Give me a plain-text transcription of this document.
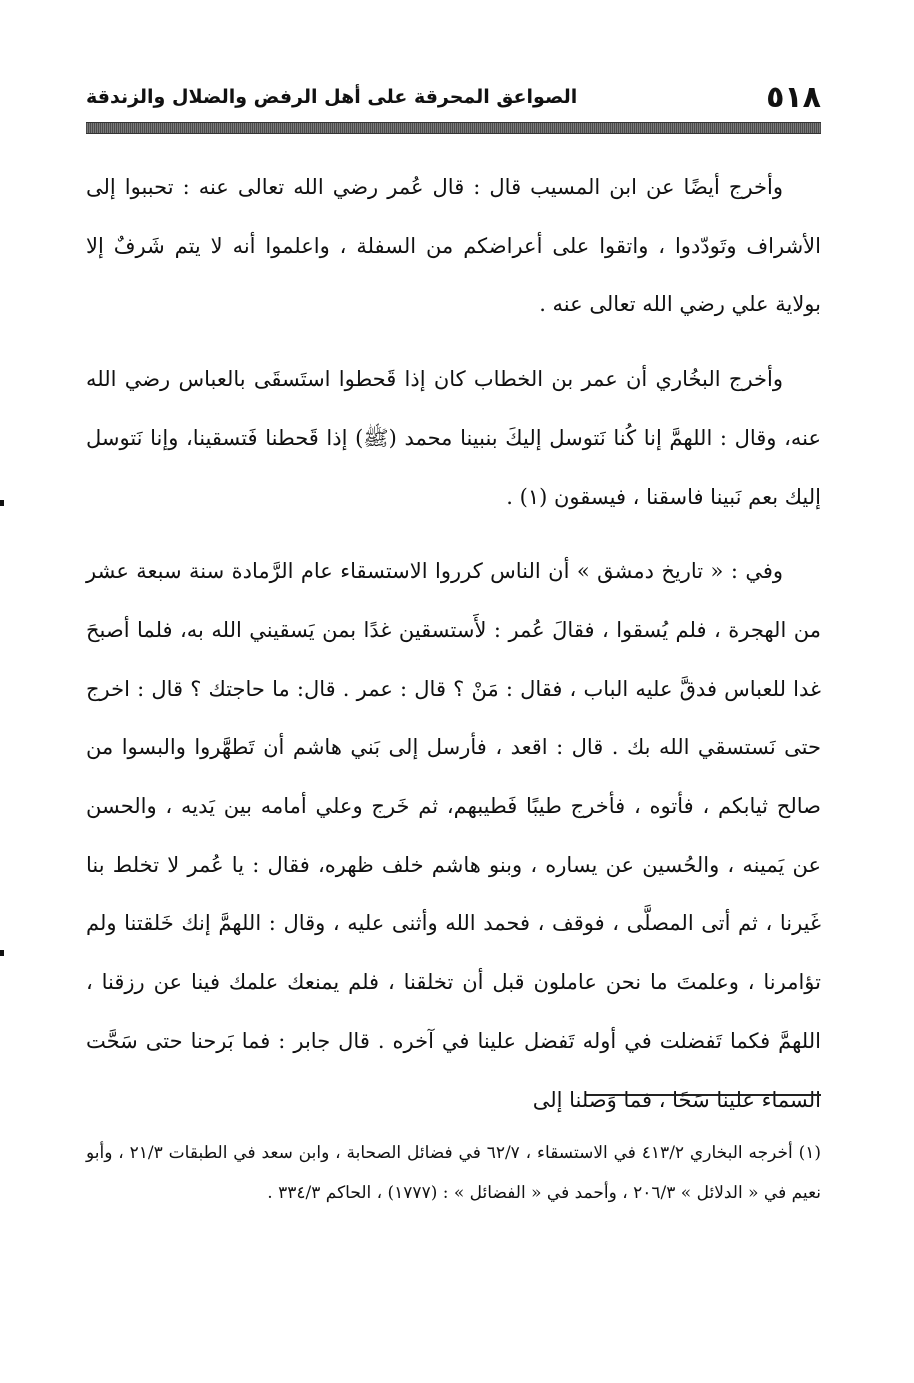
٥١٨
الصواعق المحرقة على أهل الرفض والضلال والزندقة

وأخرج أيضًا عن ابن المسيب قال : قال عُمر رضي الله تعالى عنه : تحببوا إلى الأشراف وتَودّدوا ، واتقوا على أعراضكم من السفلة ، واعلموا أنه لا يتم شَرفٌ إلا بولاية علي رضي الله تعالى عنه .

وأخرج البخُاري أن عمر بن الخطاب كان إذا قَحطوا استَسقَى بالعباس رضي الله عنه، وقال : اللهمَّ إنا كُنا نَتوسل إليكَ بنبينا محمد (ﷺ) إذا قَحطنا فَتسقينا، وإنا نَتوسل إليك بعم نَبينا فاسقنا ، فيسقون (١) .

وفي : « تاريخ دمشق » أن الناس كرروا الاستسقاء عام الرَّمادة سنة سبعة عشر من الهجرة ، فلم يُسقوا ، فقالَ عُمر : لأَستسقين غدًا بمن يَسقيني الله به، فلما أصبحَ غدا للعباس فدقَّ عليه الباب ، فقال : مَنْ ؟ قال : عمر . قال: ما حاجتك ؟ قال : اخرج حتى نَستسقي الله بك . قال : اقعد ، فأرسل إلى بَني هاشم أن تَطهَّروا والبسوا من صالح ثيابكم ، فأتوه ، فأخرج طيبًا فَطيبهم، ثم خَرج وعلي أمامه بين يَديه ، والحسن عن يَمينه ، والحُسين عن يساره ، وبنو هاشم خلف ظهره، فقال : يا عُمر لا تخلط بنا غَيرنا ، ثم أتى المصلَّى ، فوقف ، فحمد الله وأثنى عليه ، وقال : اللهمَّ إنك خَلقتنا ولم تؤامرنا ، وعلمتَ ما نحن عاملون قبل أن تخلقنا ، فلم يمنعك علمك فينا عن رزقنا ، اللهمَّ فكما تَفضلت في أوله تَفضل علينا في آخره . قال جابر : فما بَرحنا حتى سَحَّت السماء علينا سَحًا ، فما وَصلنا إلى

(١) أخرجه البخاري ٤١٣/٢ في الاستسقاء ، ٦٢/٧ في فضائل الصحابة ، وابن سعد في الطبقات ٢١/٣ ، وأبو نعيم في « الدلائل » ٢٠٦/٣ ، وأحمد في « الفضائل » : (١٧٧٧) ، الحاكم ٣٣٤/٣ .
